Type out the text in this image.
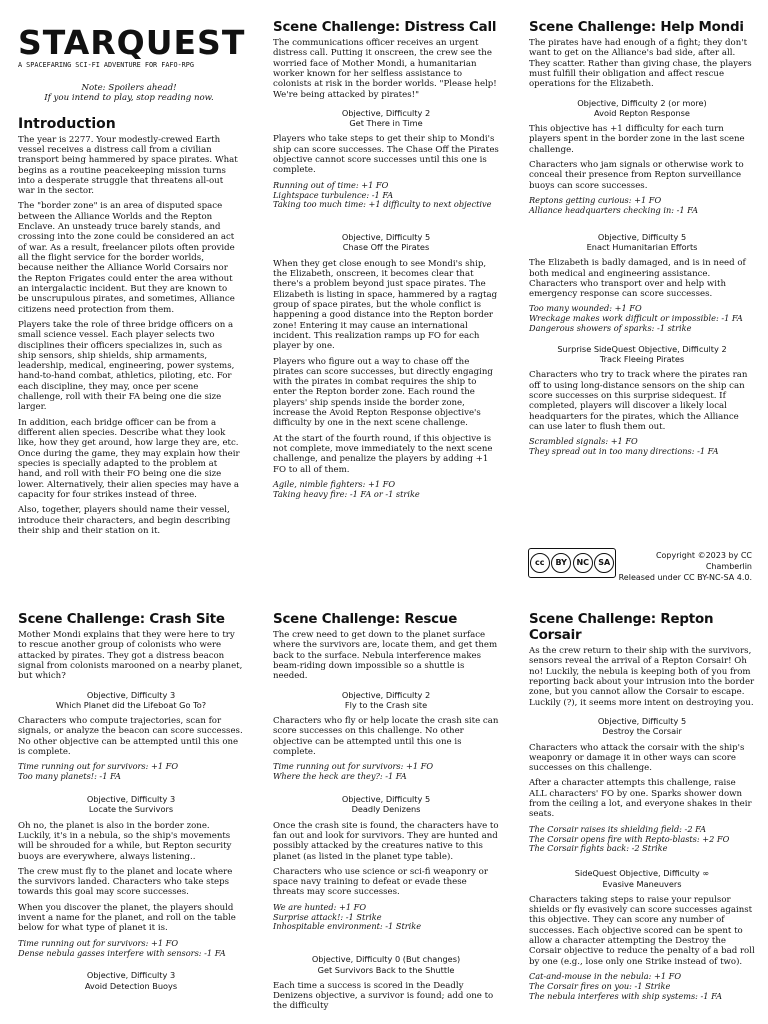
STARQUEST
A SPACEFARING SCI-FI ADVENTURE FOR FAFO-RPG
Note: Spoilers ahead!
If you intend to play, stop reading now.
Introduction

The year is 2277. Your modestly-crewed Earth vessel receives a distress call from a civilian transport being hammered by space pirates. What begins as a routine peacekeeping mission turns into a desperate struggle that threatens all-out war in the sector.

The "border zone" is an area of disputed space between the Alliance Worlds and the Repton Enclave. An unsteady truce barely stands, and crossing into the zone could be considered an act of war. As a result, freelancer pilots often provide all the flight service for the border worlds, because neither the Alliance World Corsairs nor the Repton Frigates could enter the area without an intergalactic incident. But they are known to be unscrupulous pirates, and sometimes, Alliance citizens need protection from them.

Players take the role of three bridge officers on a small science vessel. Each player selects two disciplines their officers specializes in, such as ship sensors, ship shields, ship armaments, leadership, medical, engineering, power systems, hand-to-hand combat, athletics, piloting, etc. For each discipline, they may, once per scene challenge, roll with their FA being one die size larger.

In addition, each bridge officer can be from a different alien species. Describe what they look like, how they get around, how large they are, etc. Once during the game, they may explain how their species is specially adapted to the problem at hand, and roll with their FO being one die size lower. Alternatively, their alien species may have a capacity for four strikes instead of three.

Also, together, players should name their vessel, introduce their characters, and begin describing their ship and their station on it.

Scene Challenge: Distress Call

The communications officer receives an urgent distress call. Putting it onscreen, the crew see the worried face of Mother Mondi, a humanitarian worker known for her selfless assistance to colonists at risk in the border worlds. "Please help! We're being attacked by pirates!"

Objective, Difficulty 2
Get There in Time

Players who take steps to get their ship to Mondi's ship can score successes. The Chase Off the Pirates objective cannot score successes until this one is complete.

Running out of time: +1 FO
Lightspace turbulence: -1 FA
Taking too much time: +1 difficulty to next objective
Objective, Difficulty 5
Chase Off the Pirates

When they get close enough to see Mondi's ship, the Elizabeth, onscreen, it becomes clear that there's a problem beyond just space pirates. The Elizabeth is listing in space, hammered by a ragtag group of space pirates, but the whole conflict is happening a good distance into the Repton border zone! Entering it may cause an international incident. This realization ramps up FO for each player by one.

Players who figure out a way to chase off the pirates can score successes, but directly engaging with the pirates in combat requires the ship to enter the Repton border zone. Each round the players' ship spends inside the border zone, increase the Avoid Repton Response objective's difficulty by one in the next scene challenge.

At the start of the fourth round, if this objective is not complete, move immediately to the next scene challenge, and penalize the players by adding +1 FO to all of them.

Agile, nimble fighters: +1 FO
Taking heavy fire: -1 FA or -1 strike
Scene Challenge: Help Mondi

The pirates have had enough of a fight; they don't want to get on the Alliance's bad side, after all. They scatter. Rather than giving chase, the players must fulfill their obligation and affect rescue operations for the Elizabeth.

Objective, Difficulty 2 (or more)
Avoid Repton Response

This objective has +1 difficulty for each turn players spent in the border zone in the last scene challenge.

Characters who jam signals or otherwise work to conceal their presence from Repton surveillance buoys can score successes.

Reptons getting curious: +1 FO
Alliance headquarters checking in: -1 FA
Objective, Difficulty 5
Enact Humanitarian Efforts

The Elizabeth is badly damaged, and is in need of both medical and engineering assistance. Characters who transport over and help with emergency response can score successes.

Too many wounded: +1 FO
Wreckage makes work difficult or impossible: -1 FA
Dangerous showers of sparks: -1 strike
Surprise SideQuest Objective, Difficulty 2
Track Fleeing Pirates

Characters who try to track where the pirates ran off to using long-distance sensors on the ship can score successes on this surprise sidequest. If completed, players will discover a likely local headquarters for the pirates, which the Alliance can use later to flush them out.

Scrambled signals: +1 FO
They spread out in too many directions: -1 FA
cc	BY	NC	SA
Copyright ©2023 by CC Chamberlin
Released under CC BY-NC-SA 4.0.
Scene Challenge: Crash Site

Mother Mondi explains that they were here to try to rescue another group of colonists who were attacked by pirates. They got a distress beacon signal from colonists marooned on a nearby planet, but which?

Objective, Difficulty 3
Which Planet did the Lifeboat Go To?

Characters who compute trajectories, scan for signals, or analyze the beacon can score successes. No other objective can be attempted until this one is complete.

Time running out for survivors: +1 FO
Too many planets!: -1 FA
Objective, Difficulty 3
Locate the Survivors

Oh no, the planet is also in the border zone. Luckily, it's in a nebula, so the ship's movements will be shrouded for a while, but Repton security buoys are everywhere, always listening..

The crew must fly to the planet and locate where the survivors landed. Characters who take steps towards this goal may score successes.

When you discover the planet, the players should invent a name for the planet, and roll on the table below for what type of planet it is.

Time running out for survivors: +1 FO
Dense nebula gasses interfere with sensors: -1 FA
Objective, Difficulty 3
Avoid Detection Buoys
Scene Challenge: Rescue

The crew need to get down to the planet surface where the survivors are, locate them, and get them back to the surface. Nebula interference makes beam-riding down impossible so a shuttle is needed.

Objective, Difficulty 2
Fly to the Crash site

Characters who fly or help locate the crash site can score successes on this challenge. No other objective can be attempted until this one is complete.

Time running out for survivors: +1 FO
Where the heck are they?: -1 FA
Objective, Difficulty 5
Deadly Denizens

Once the crash site is found, the characters have to fan out and look for survivors. They are hunted and possibly attacked by the creatures native to this planet (as listed in the planet type table).

Characters who use science or sci-fi weaponry or space navy training to defeat or evade these threats may score successes.

We are hunted: +1 FO
Surprise attack!: -1 Strike
Inhospitable environment: -1 Strike
Objective, Difficulty 0 (But changes)
Get Survivors Back to the Shuttle

Each time a success is scored in the Deadly Denizens objective, a survivor is found; add one to the difficulty

Scene Challenge: Repton Corsair

As the crew return to their ship with the survivors, sensors reveal the arrival of a Repton Corsair! Oh no! Luckily, the nebula is keeping both of you from reporting back about your intrusion into the border zone, but you cannot allow the Corsair to escape. Luckily (?), it seems more intent on destroying you.

Objective, Difficulty 5
Destroy the Corsair

Characters who attack the corsair with the ship's weaponry or damage it in other ways can score successes on this challenge.

After a character attempts this challenge, raise ALL characters' FO by one. Sparks shower down from the ceiling a lot, and everyone shakes in their seats.

The Corsair raises its shielding field: -2 FA
The Corsair opens fire with Repto-blasts: +2 FO
The Corsair fights back: -2 Strike
SideQuest Objective, Difficulty ∞
Evasive Maneuvers

Characters taking steps to raise your repulsor shields or fly evasively can score successes against this objective. They can score any number of successes. Each objective scored can be spent to allow a character attempting the Destroy the Corsair objective to reduce the penalty of a bad roll by one (e.g., lose only one Strike instead of two).

Cat-and-mouse in the nebula: +1 FO
The Corsair fires on you: -1 Strike
The nebula interferes with ship systems: -1 FA
